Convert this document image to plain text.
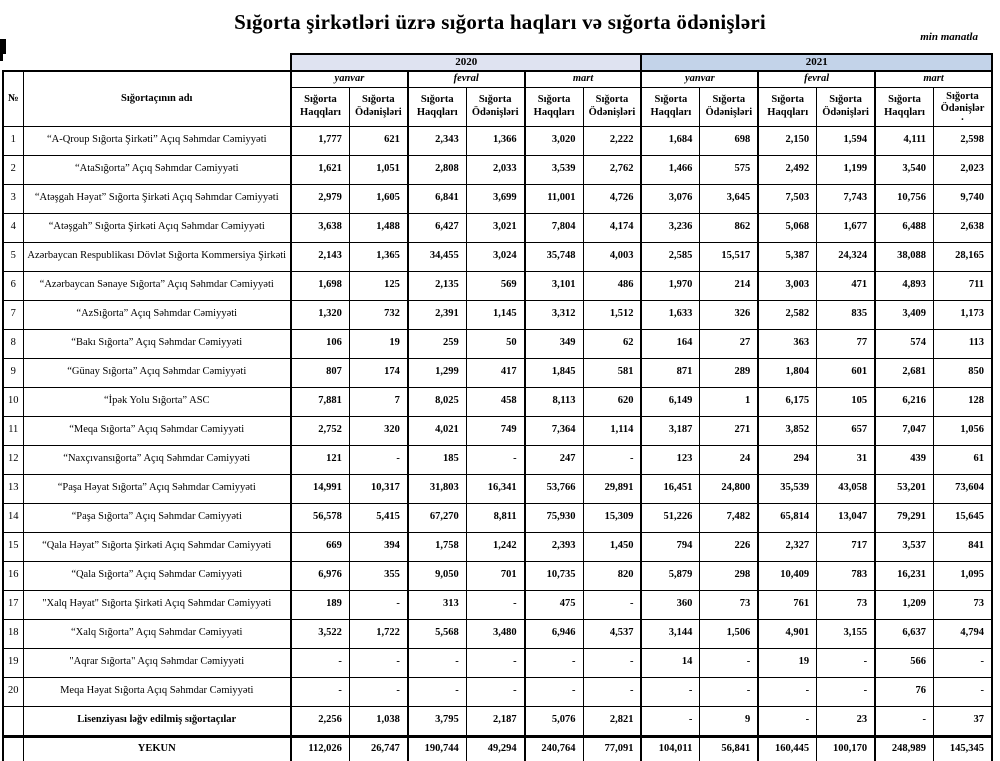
Sığorta şirkətləri üzrə sığorta haqları və sığorta ödənişləri
min manatla
		2020						2021					
№	Sığortaçının adı	yanvar		fevral		mart		yanvar		fevral		mart	
		Sığorta Haqqları	Sığorta Ödənişləri	Sığorta Haqqları	Sığorta Ödənişləri	Sığorta Haqqları	Sığorta Ödənişləri	Sığorta Haqqları	Sığorta Ödənişləri	Sığorta Haqqları	Sığorta Ödənişləri	Sığorta Haqqları	Sığorta Ödənişlər
.

1	“A-Qroup Sığorta Şirkəti” Açıq Səhmdar Cəmiyyəti	1,777	621	2,343	1,366	3,020	2,222	1,684	698	2,150	1,594	4,111	2,598
2	“AtaSığorta” Açıq Səhmdar Cəmiyyəti	1,621	1,051	2,808	2,033	3,539	2,762	1,466	575	2,492	1,199	3,540	2,023
3	“Atəşgah Həyat” Sığorta Şirkəti Açıq Səhmdar Cəmiyyəti	2,979	1,605	6,841	3,699	11,001	4,726	3,076	3,645	7,503	7,743	10,756	9,740
4	“Atəşgah” Sığorta Şirkəti Açıq Səhmdar Cəmiyyəti	3,638	1,488	6,427	3,021	7,804	4,174	3,236	862	5,068	1,677	6,488	2,638
5	Azərbaycan Respublikası Dövlət Sığorta Kommersiya Şirkəti	2,143	1,365	34,455	3,024	35,748	4,003	2,585	15,517	5,387	24,324	38,088	28,165
6	“Azərbaycan Sənaye Sığorta” Açıq Səhmdar Cəmiyyəti	1,698	125	2,135	569	3,101	486	1,970	214	3,003	471	4,893	711
7	“AzSığorta” Açıq Səhmdar Cəmiyyəti	1,320	732	2,391	1,145	3,312	1,512	1,633	326	2,582	835	3,409	1,173
8	“Bakı Sığorta” Açıq Səhmdar Cəmiyyəti	106	19	259	50	349	62	164	27	363	77	574	113
9	“Günay Sığorta” Açıq Səhmdar Cəmiyyəti	807	174	1,299	417	1,845	581	871	289	1,804	601	2,681	850
10	“İpək Yolu Sığorta” ASC	7,881	7	8,025	458	8,113	620	6,149	1	6,175	105	6,216	128
11	“Meqa Sığorta” Açıq Səhmdar Cəmiyyəti	2,752	320	4,021	749	7,364	1,114	3,187	271	3,852	657	7,047	1,056
12	“Naxçıvansığorta” Açıq Səhmdar Cəmiyyəti	121	-	185	-	247	-	123	24	294	31	439	61
13	“Paşa Həyat Sığorta” Açıq Səhmdar Cəmiyyəti	14,991	10,317	31,803	16,341	53,766	29,891	16,451	24,800	35,539	43,058	53,201	73,604
14	“Paşa Sığorta” Açıq Səhmdar Cəmiyyəti	56,578	5,415	67,270	8,811	75,930	15,309	51,226	7,482	65,814	13,047	79,291	15,645
15	“Qala Həyat” Sığorta Şirkəti Açıq Səhmdar Cəmiyyəti	669	394	1,758	1,242	2,393	1,450	794	226	2,327	717	3,537	841
16	“Qala Sığorta” Açıq Səhmdar Cəmiyyəti	6,976	355	9,050	701	10,735	820	5,879	298	10,409	783	16,231	1,095
17	"Xalq Həyat" Sığorta Şirkəti Açıq Səhmdar Cəmiyyəti	189	-	313	-	475	-	360	73	761	73	1,209	73
18	“Xalq Sığorta” Açıq Səhmdar Cəmiyyəti	3,522	1,722	5,568	3,480	6,946	4,537	3,144	1,506	4,901	3,155	6,637	4,794
19	"Aqrar Sığorta" Açıq Səhmdar Cəmiyyəti	-	-	-	-	-	-	14	-	19	-	566	-
20	Meqa Həyat Sığorta Açıq Səhmdar Cəmiyyəti	-	-	-	-	-	-	-	-	-	-	76	-
	Lisenziyası ləğv edilmiş sığortaçılar	2,256	1,038	3,795	2,187	5,076	2,821	-	9	-	23	-	37
	YEKUN	112,026	26,747	190,744	49,294	240,764	77,091	104,011	56,841	160,445	100,170	248,989	145,345
